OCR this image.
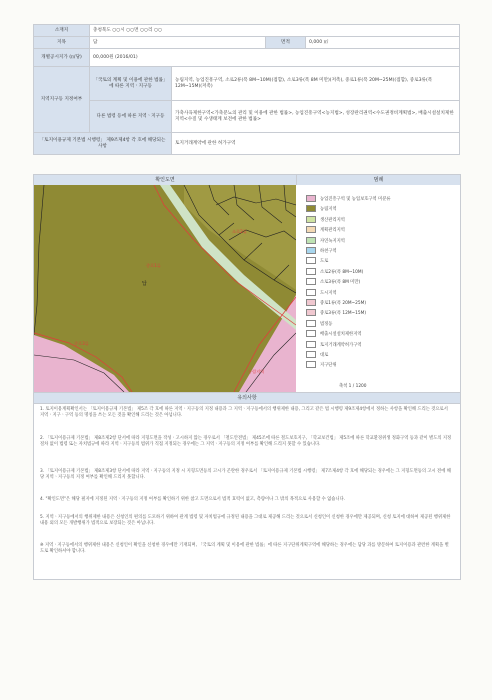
소재지	충청북도 ○○시 ○○면 ○○리 ○○			
지목	답		면적	0,000 ㎡
개별공시지가 (㎡당)	00,000원 (2016/01)			
지역지구등 지정여부	「국토의 계획 및 이용에 관한 법률」에 따른 지역ㆍ지구등	농림지역, 농업진흥구역, 소로2류(폭 8M~10M)(접합), 소로3류(폭 8M 미만)(저촉), 중로1류(폭 20M~25M)(접합), 중로3류(폭 12M~15M)(저촉)		
	다른 법령 등에 따른 지역ㆍ지구등	가축사육제한구역<가축분뇨의 관리 및 이용에 관한 법률>, 농업진흥구역<농지법>, 성장관리권역<수도권정비계획법>, 배출시설설치제한지역<수질 및 수생태계 보전에 관한 법률>		
「토지이용규제 기본법 시행령」 제9조제4항 각 호에 해당되는 사항		토지거래계약에 관한 허가구역		
확인도면	범례
답
중로1류
소로2류
중로3류
농림지역
농업진흥구역 및 농업보호구역 미분류
농림지역
생산관리지역
계획관리지역
자연녹지지역
하천구역
도로
소로2류(폭 8M~10M)
소로3류(폭 8M 미만)
도시지역
중로1류(폭 20M~25M)
중로3류(폭 12M~15M)
법정동
배출시설설치제한지역
토지거래계약허가구역
대로
지구단위
축척 1 / 1200
유의사항

1. 토지이용계획확인서는 「토지이용규제 기본법」 제5조 각 호에 따른 지역ㆍ지구등의 지정 내용과 그 지역ㆍ지구등에서의 행위제한 내용, 그리고 같은 법 시행령 제9조제4항에서 정하는 사항을 확인해 드리는 것으로서 지역ㆍ지구ㆍ구역 등의 명칭을 쓰는 모든 것을 확인해 드리는 것은 아닙니다.

2. 「토지이용규제 기본법」 제8조제2항 단서에 따라 지형도면을 작성ㆍ고시하지 않는 경우로서 「철도안전법」 제45조에 따른 철도보호지구, 「학교보건법」 제5조에 따른 학교환경위생 정화구역 등과 같이 별도의 지정 절차 없이 법령 또는 자치법규에 따라 지역ㆍ지구등의 범위가 직접 지정되는 경우에는 그 지역ㆍ지구등의 지정 여부를 확인해 드리지 못할 수 있습니다.

3. 「토지이용규제 기본법」 제8조제3항 단서에 따라 지역ㆍ지구등의 지정 시 지형도면등의 고시가 곤란한 경우로서 「토지이용규제 기본법 시행령」 제7조제4항 각 호에 해당되는 경우에는 그 지형도면등의 고시 전에 해당 지역ㆍ지구등의 지정 여부를 확인해 드리지 못합니다.

4. "확인도면"은 해당 필지에 지정된 지역ㆍ지구등의 지정 여부를 확인하기 위한 참고 도면으로서 법적 효력이 없고, 측량이나 그 밖의 목적으로 사용할 수 없습니다.

5. 지역ㆍ지구등에서의 행위제한 내용은 신청인의 편의를 도모하기 위하여 관계 법령 및 자치법규에 규정된 내용을 그대로 제공해 드리는 것으로서 신청인이 신청한 경우에만 제공되며, 신청 토지에 대하여 제공된 행위제한 내용 외의 모든 개발행위가 법적으로 보장되는 것은 아닙니다.

※ 지역ㆍ지구등에서의 행위제한 내용은 신청인이 확인을 신청한 경우에만 기재되며, 「국토의 계획 및 이용에 관한 법률」에 따른 지구단위계획구역에 해당하는 경우에는 담당 과를 방문하여 토지이용과 관련한 계획을 별도로 확인하셔야 합니다.
